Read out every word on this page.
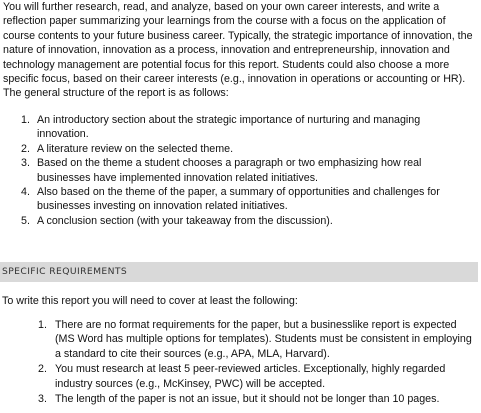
You will further research, read, and analyze, based on your own career interests, and write a reflection paper summarizing your learnings from the course with a focus on the application of course contents to your future business career. Typically, the strategic importance of innovation, the nature of innovation, innovation as a process, innovation and entrepreneurship, innovation and technology management are potential focus for this report. Students could also choose a more specific focus, based on their career interests (e.g., innovation in operations or accounting or HR). The general structure of the report is as follows:

1. An introductory section about the strategic importance of nurturing and managing innovation.
2. A literature review on the selected theme.
3. Based on the theme a student chooses a paragraph or two emphasizing how real businesses have implemented innovation related initiatives.
4. Also based on the theme of the paper, a summary of opportunities and challenges for businesses investing on innovation related initiatives.
5. A conclusion section (with your takeaway from the discussion).
SPECIFIC REQUIREMENTS

To write this report you will need to cover at least the following:

1. There are no format requirements for the paper, but a businesslike report is expected (MS Word has multiple options for templates). Students must be consistent in employing a standard to cite their sources (e.g., APA, MLA, Harvard).
2. You must research at least 5 peer-reviewed articles. Exceptionally, highly regarded industry sources (e.g., McKinsey, PWC) will be accepted.
3. The length of the paper is not an issue, but it should not be longer than 10 pages.
